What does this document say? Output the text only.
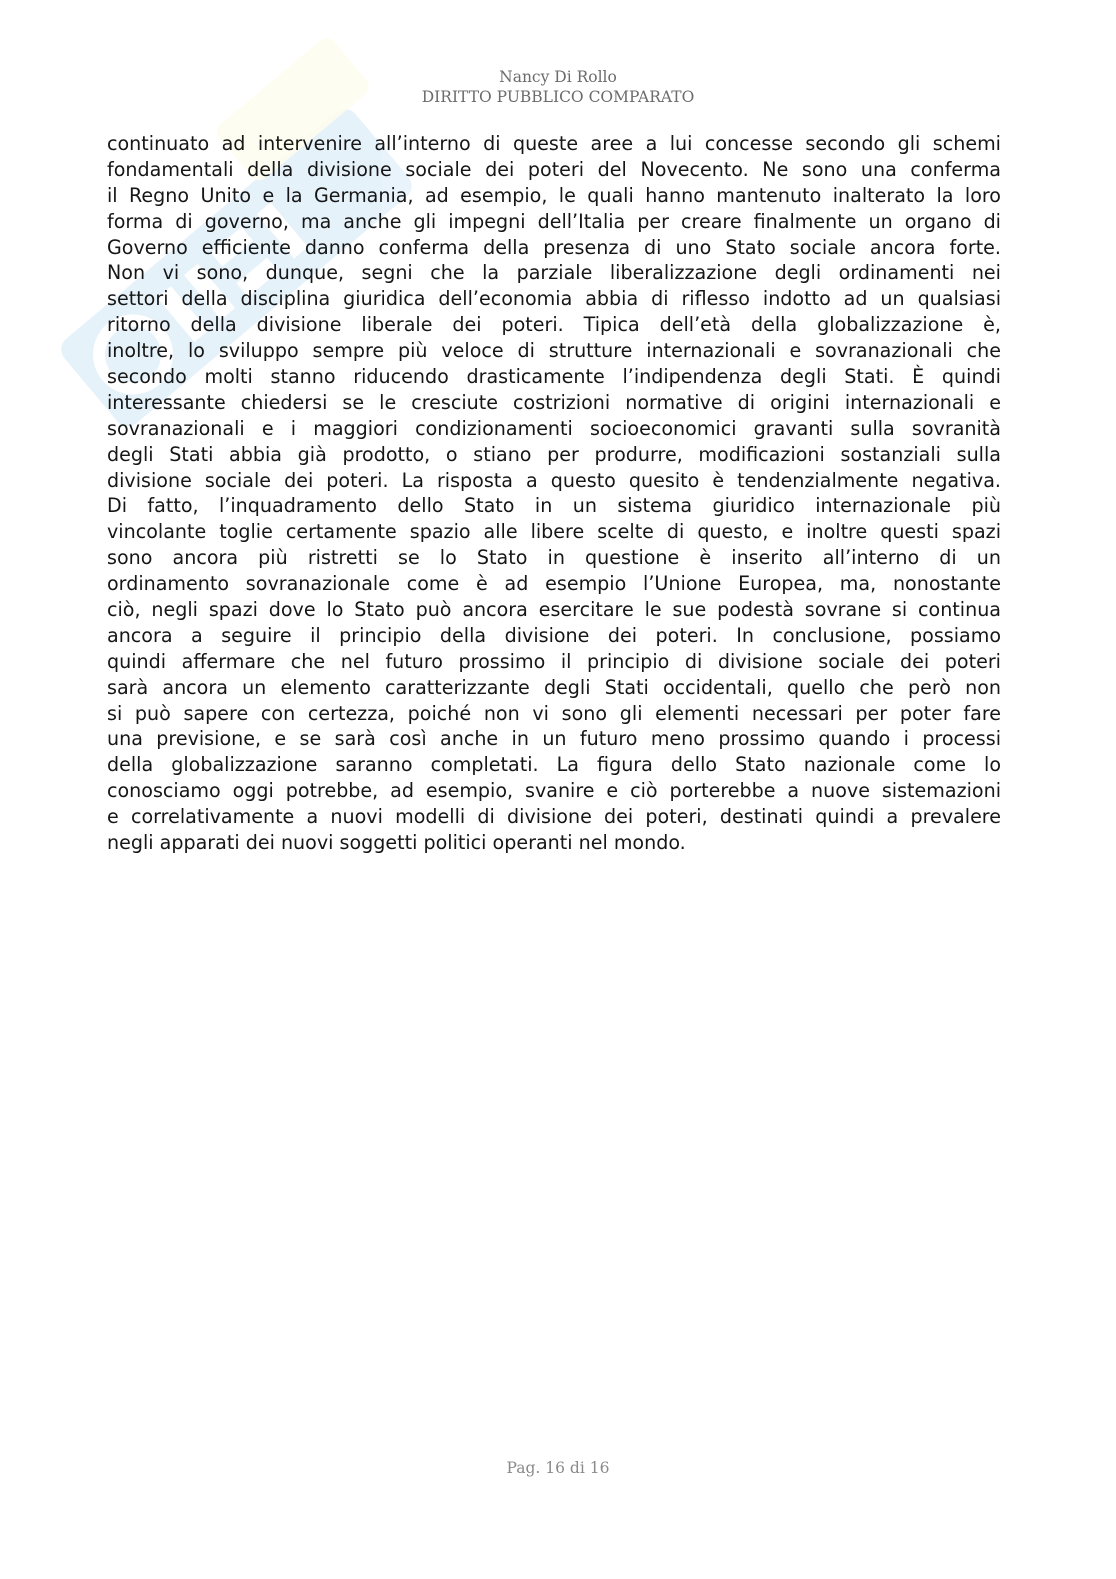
Nancy Di Rollo
DIRITTO PUBBLICO COMPARATO
continuato ad intervenire all’interno di queste aree a lui concesse secondo gli schemi
fondamentali della divisione sociale dei poteri del Novecento. Ne sono una conferma
il Regno Unito e la Germania, ad esempio, le quali hanno mantenuto inalterato la loro
forma di governo, ma anche gli impegni dell’Italia per creare finalmente un organo di
Governo efficiente danno conferma della presenza di uno Stato sociale ancora forte.
Non vi sono, dunque, segni che la parziale liberalizzazione degli ordinamenti nei
settori della disciplina giuridica dell’economia abbia di riflesso indotto ad un qualsiasi
ritorno della divisione liberale dei poteri. Tipica dell’età della globalizzazione è,
inoltre, lo sviluppo sempre più veloce di strutture internazionali e sovranazionali che
secondo molti stanno riducendo drasticamente l’indipendenza degli Stati. È quindi
interessante chiedersi se le cresciute costrizioni normative di origini internazionali e
sovranazionali e i maggiori condizionamenti socioeconomici gravanti sulla sovranità
degli Stati abbia già prodotto, o stiano per produrre, modificazioni sostanziali sulla
divisione sociale dei poteri. La risposta a questo quesito è tendenzialmente negativa.
Di fatto, l’inquadramento dello Stato in un sistema giuridico internazionale più
vincolante toglie certamente spazio alle libere scelte di questo, e inoltre questi spazi
sono ancora più ristretti se lo Stato in questione è inserito all’interno di un
ordinamento sovranazionale come è ad esempio l’Unione Europea, ma, nonostante
ciò, negli spazi dove lo Stato può ancora esercitare le sue podestà sovrane si continua
ancora a seguire il principio della divisione dei poteri. In conclusione, possiamo
quindi affermare che nel futuro prossimo il principio di divisione sociale dei poteri
sarà ancora un elemento caratterizzante degli Stati occidentali, quello che però non
si può sapere con certezza, poiché non vi sono gli elementi necessari per poter fare
una previsione, e se sarà così anche in un futuro meno prossimo quando i processi
della globalizzazione saranno completati. La figura dello Stato nazionale come lo
conosciamo oggi potrebbe, ad esempio, svanire e ciò porterebbe a nuove sistemazioni
e correlativamente a nuovi modelli di divisione dei poteri, destinati quindi a prevalere
negli apparati dei nuovi soggetti politici operanti nel mondo.
Pag. 16 di 16
